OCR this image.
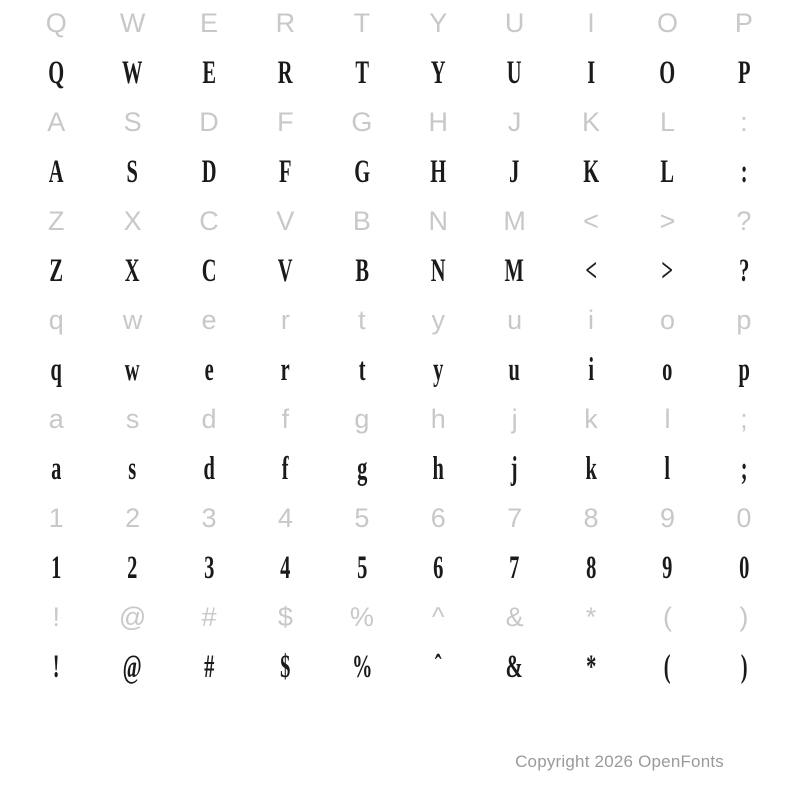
Q	W	E	R	T	Y	U	I	O	P
Q	W	E	R	T	Y	U	I	O	P
A	S	D	F	G	H	J	K	L	:
A	S	D	F	G	H	J	K	L	:
Z	X	C	V	B	N	M	<	>	?
Z	X	C	V	B	N	M	<	>	?
q	w	e	r	t	y	u	i	o	p
q	w	e	r	t	y	u	i	o	p
a	s	d	f	g	h	j	k	l	;
a	s	d	f	g	h	j	k	l	;
1	2	3	4	5	6	7	8	9	0
1	2	3	4	5	6	7	8	9	0
!	@	#	$	%	^	&	*	(	)
!	@	#	$	%	ˆ	&	*	(	)
Copyright 2026 OpenFonts
